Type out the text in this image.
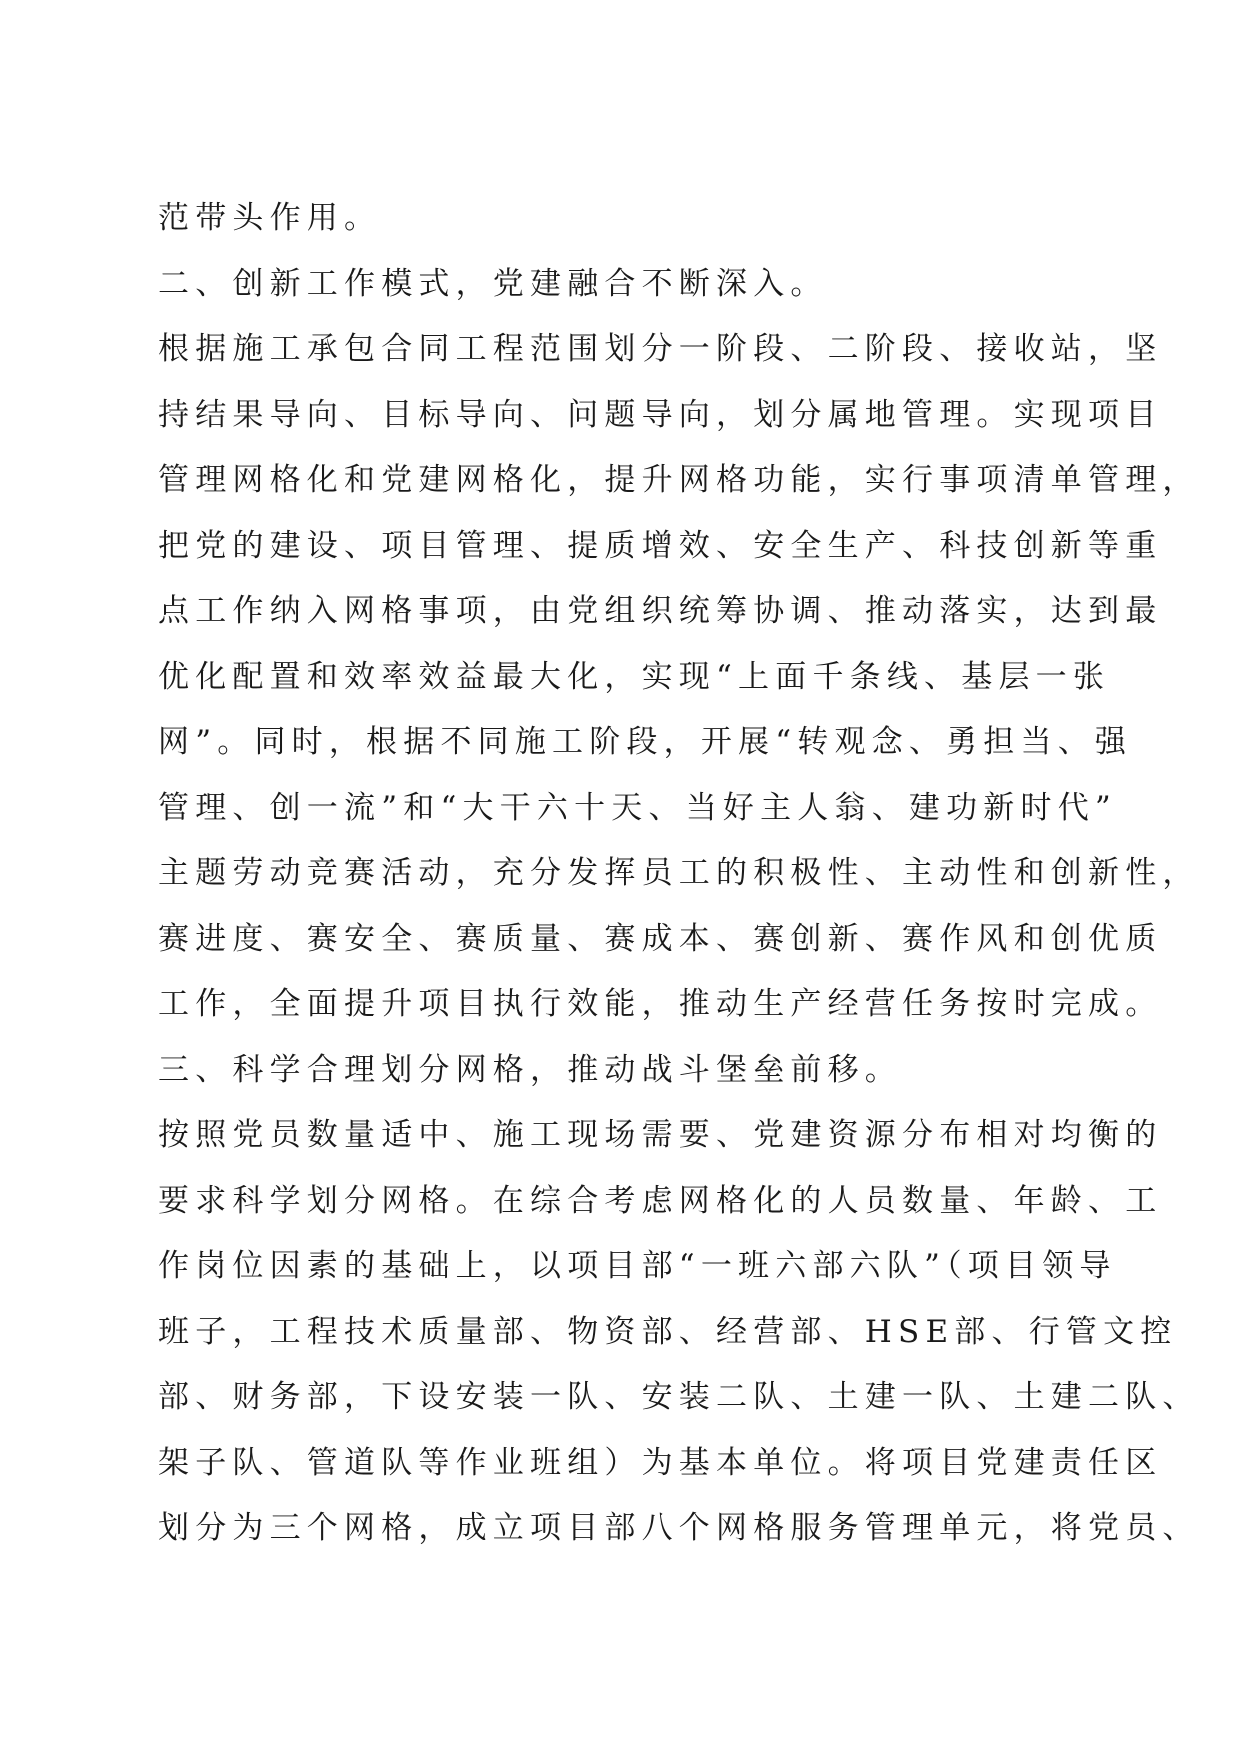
范带头作用。
二、创新工作模式，党建融合不断深入。
根据施工承包合同工程范围划分一阶段、二阶段、接收站，坚
持结果导向、目标导向、问题导向，划分属地管理。实现项目
管理网格化和党建网格化，提升网格功能，实行事项清单管理，
把党的建设、项目管理、提质增效、安全生产、科技创新等重
点工作纳入网格事项，由党组织统筹协调、推动落实，达到最
优化配置和效率效益最大化，实现“上面千条线、基层一张
网”。同时，根据不同施工阶段，开展“转观念、勇担当、强
管理、创一流”和“大干六十天、当好主人翁、建功新时代”
主题劳动竞赛活动，充分发挥员工的积极性、主动性和创新性，
赛进度、赛安全、赛质量、赛成本、赛创新、赛作风和创优质
工作，全面提升项目执行效能，推动生产经营任务按时完成。
三、科学合理划分网格，推动战斗堡垒前移。
按照党员数量适中、施工现场需要、党建资源分布相对均衡的
要求科学划分网格。在综合考虑网格化的人员数量、年龄、工
作岗位因素的基础上，以项目部“一班六部六队”（项目领导
班子，工程技术质量部、物资部、经营部、HSE部、行管文控
部、财务部，下设安装一队、安装二队、土建一队、土建二队、
架子队、管道队等作业班组）为基本单位。将项目党建责任区
划分为三个网格，成立项目部八个网格服务管理单元，将党员、
